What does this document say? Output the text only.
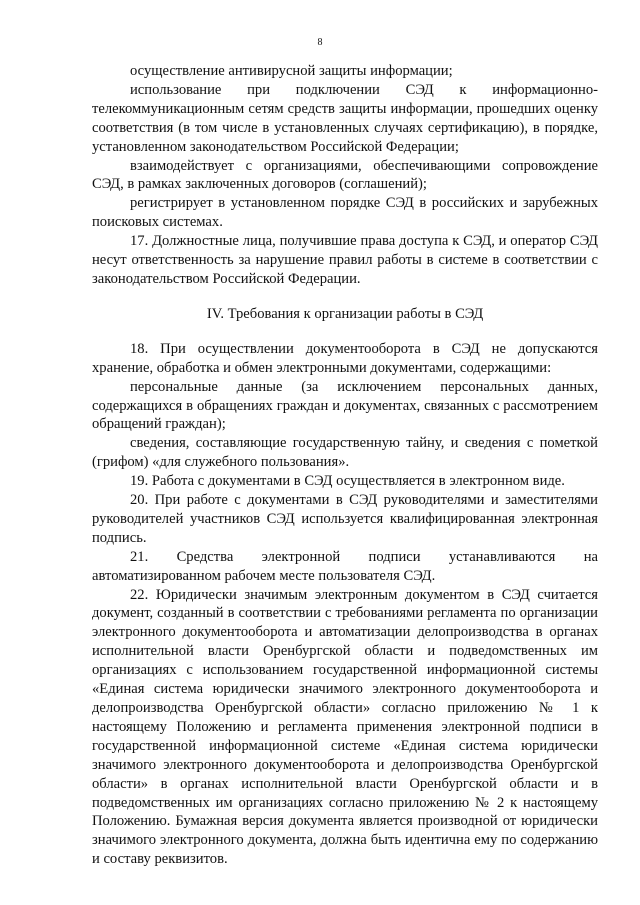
8

осуществление антивирусной защиты информации;

использование при подключении СЭД к информационно-телекоммуникационным сетям средств защиты информации, прошедших оценку соответствия (в том числе в установленных случаях сертификацию), в порядке, установленном законодательством Российской Федерации;

взаимодействует с организациями, обеспечивающими сопровождение СЭД, в рамках заключенных договоров (соглашений);

регистрирует в установленном порядке СЭД в российских и зарубежных поисковых системах.

17. Должностные лица, получившие права доступа к СЭД, и оператор СЭД несут ответственность за нарушение правил работы в системе в соответствии с законодательством Российской Федерации.

IV. Требования к организации работы в СЭД

18. При осуществлении документооборота в СЭД не допускаются хранение, обработка и обмен электронными документами, содержащими:

персональные данные (за исключением персональных данных, содержащихся в обращениях граждан и документах, связанных с рассмотрением обращений граждан);

сведения, составляющие государственную тайну, и сведения с пометкой (грифом) «для служебного пользования».

19. Работа с документами в СЭД осуществляется в электронном виде.

20. При работе с документами в СЭД руководителями и заместителями руководителей участников СЭД используется квалифицированная электронная подпись.

21. Средства электронной подписи устанавливаются на автоматизированном рабочем месте пользователя СЭД.

22. Юридически значимым электронным документом в СЭД считается документ, созданный в соответствии с требованиями регламента по организации электронного документооборота и автоматизации делопроизводства в органах исполнительной власти Оренбургской области и подведомственных им организациях с использованием государственной информационной системы «Единая система юридически значимого электронного документооборота и делопроизводства Оренбургской области» согласно приложению № 1 к настоящему Положению и регламента применения электронной подписи в государственной информационной системе «Единая система юридически значимого электронного документооборота и делопроизводства Оренбургской области» в органах исполнительной власти Оренбургской области и в подведомственных им организациях согласно приложению № 2 к настоящему Положению. Бумажная версия документа является производной от юридически значимого электронного документа, должна быть идентична ему по содержанию и составу реквизитов.
